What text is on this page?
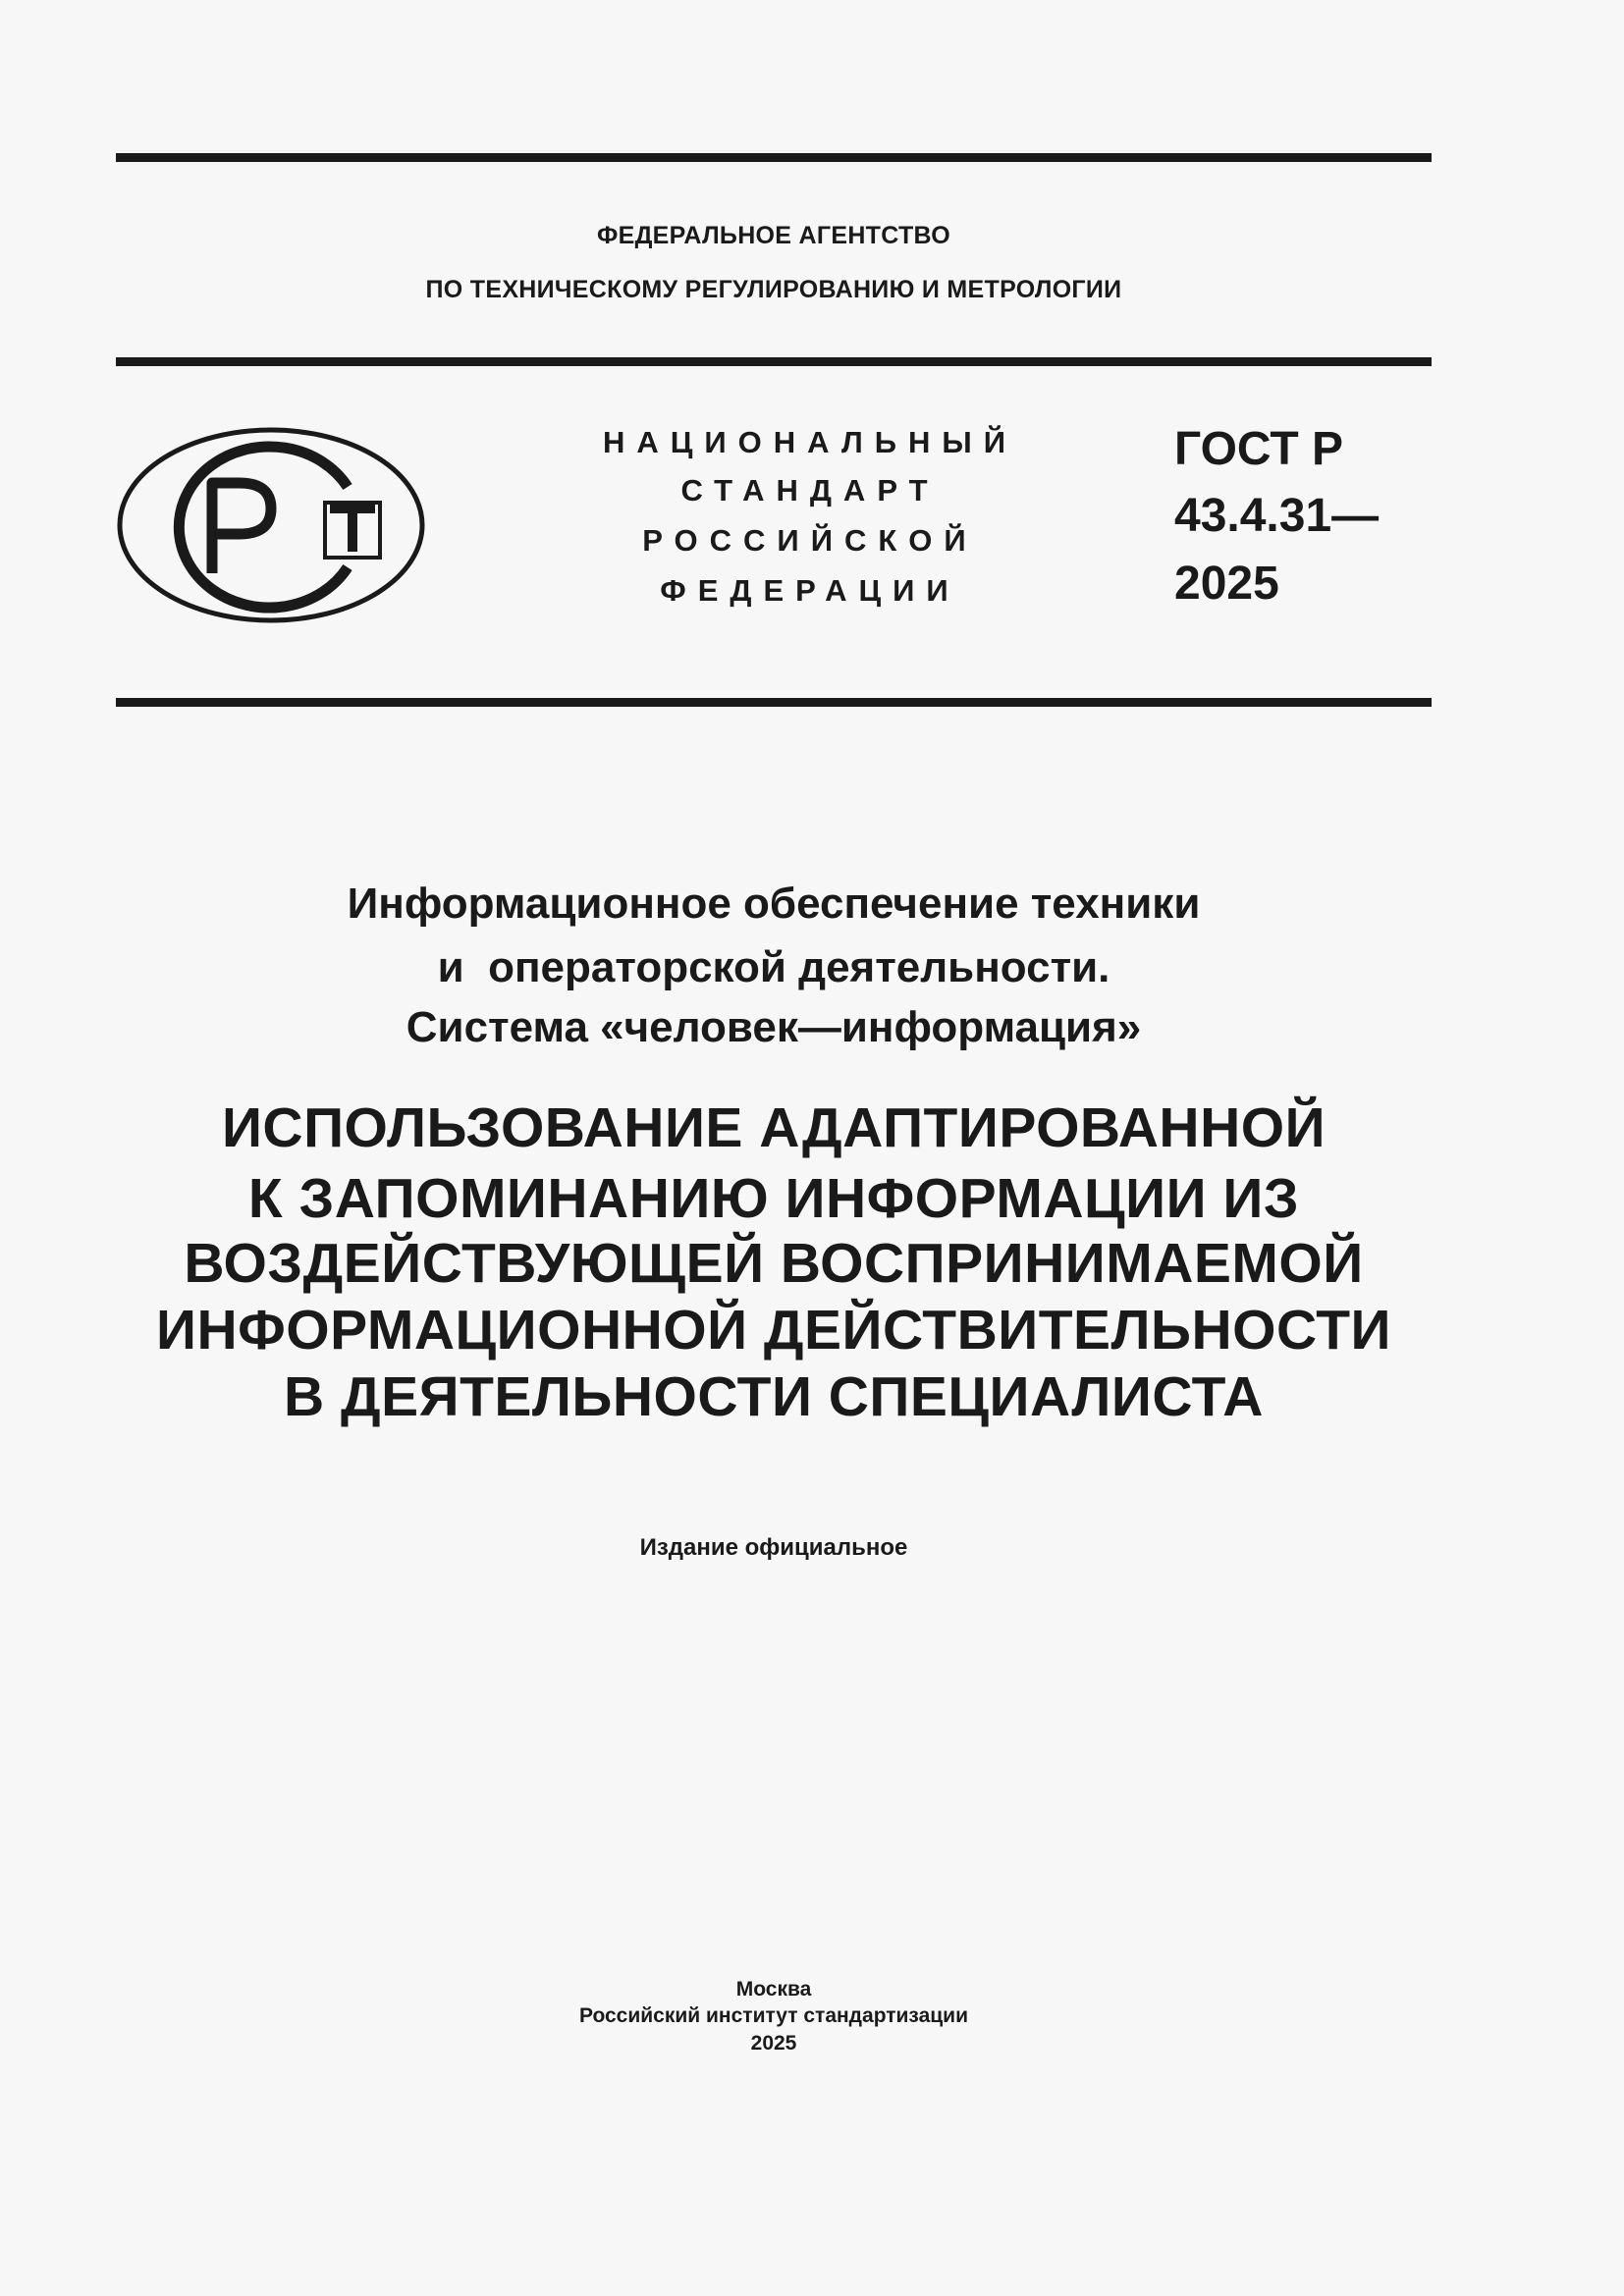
ФЕДЕРАЛЬНОЕ АГЕНТСТВО
ПО ТЕХНИЧЕСКОМУ РЕГУЛИРОВАНИЮ И МЕТРОЛОГИИ
НАЦИОНАЛЬНЫЙ
СТАНДАРТ
РОССИЙСКОЙ
ФЕДЕРАЦИИ
ГОСТ Р
43.4.31—
2025
Информационное обеспечение техники
и  операторской деятельности.
Система «человек—информация»
ИСПОЛЬЗОВАНИЕ АДАПТИРОВАННОЙ
К ЗАПОМИНАНИЮ ИНФОРМАЦИИ ИЗ
ВОЗДЕЙСТВУЮЩЕЙ ВОСПРИНИМАЕМОЙ
ИНФОРМАЦИОННОЙ ДЕЙСТВИТЕЛЬНОСТИ
В ДЕЯТЕЛЬНОСТИ СПЕЦИАЛИСТА
Издание официальное
Москва
Российский институт стандартизации
2025
